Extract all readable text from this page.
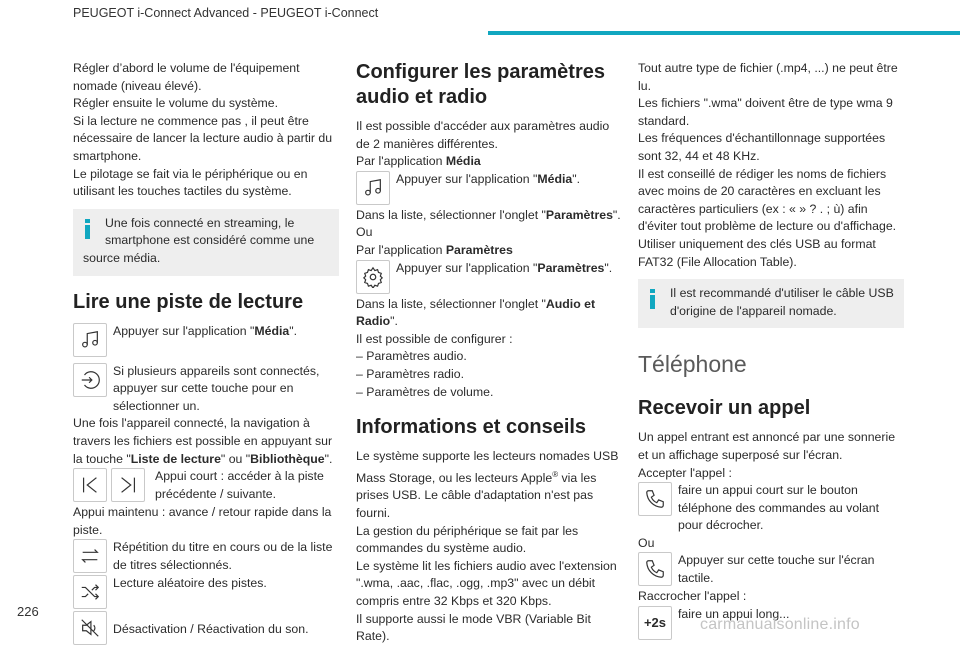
PEUGEOT i-Connect Advanced - PEUGEOT i-Connect

Régler d’abord le volume de l'équipement nomade (niveau élevé).

Régler ensuite le volume du système.

Si la lecture ne commence pas , il peut être nécessaire de lancer la lecture audio à partir du smartphone.

Le pilotage se fait via le périphérique ou en utilisant les touches tactiles du système.

Une fois connecté en streaming, le smartphone est considéré comme une source média.
Lire une piste de lecture
Appuyer sur l'application "Média".
Si plusieurs appareils sont connectés, appuyer sur cette touche pour en sélectionner un.

Une fois l'appareil connecté, la navigation à travers les fichiers est possible en appuyant sur la touche "Liste de lecture" ou "Bibliothèque".

Appui court : accéder à la piste précédente / suivante.

Appui maintenu : avance / retour rapide dans la piste.

Répétition du titre en cours ou de la liste de titres sélectionnés.
Lecture aléatoire des pistes.
Désactivation / Réactivation du son.
Configurer les paramètres audio et radio

Il est possible d'accéder aux paramètres audio de 2 manières différentes.

Par l'application Média

Appuyer sur l'application "Média".

Dans la liste, sélectionner l'onglet "Paramètres".

Ou

Par l'application Paramètres

Appuyer sur l'application "Paramètres".

Dans la liste, sélectionner l'onglet "Audio et Radio".

Il est possible de configurer :

– Paramètres audio.

– Paramètres radio.

– Paramètres de volume.

Informations et conseils

Le système supporte les lecteurs nomades USB Mass Storage, ou les lecteurs Apple® via les prises USB. Le câble d'adaptation n'est pas fourni.

La gestion du périphérique se fait par les commandes du système audio.

Le système lit les fichiers audio avec l'extension ".wma, .aac, .flac, .ogg, .mp3" avec un débit compris entre 32 Kbps et 320 Kbps.

Il supporte aussi le mode VBR (Variable Bit Rate).

Tout autre type de fichier (.mp4, ...) ne peut être lu.

Les fichiers ".wma" doivent être de type wma 9 standard.

Les fréquences d'échantillonnage supportées sont 32, 44 et 48 KHz.

Il est conseillé de rédiger les noms de fichiers avec moins de 20 caractères en excluant les caractères particuliers (ex : « » ? . ; ù) afin d'éviter tout problème de lecture ou d'affichage.

Utiliser uniquement des clés USB au format FAT32 (File Allocation Table).

Il est recommandé d'utiliser le câble USB d'origine de l'appareil nomade.
Téléphone
Recevoir un appel

Un appel entrant est annoncé par une sonnerie et un affichage superposé sur l'écran.

Accepter l'appel :

faire un appui court sur le bouton téléphone des commandes au volant pour décrocher.

Ou

Appuyer sur cette touche sur l'écran tactile.

Raccrocher l'appel :

+2s
faire un appui long...
226
carmanualsonline.info
